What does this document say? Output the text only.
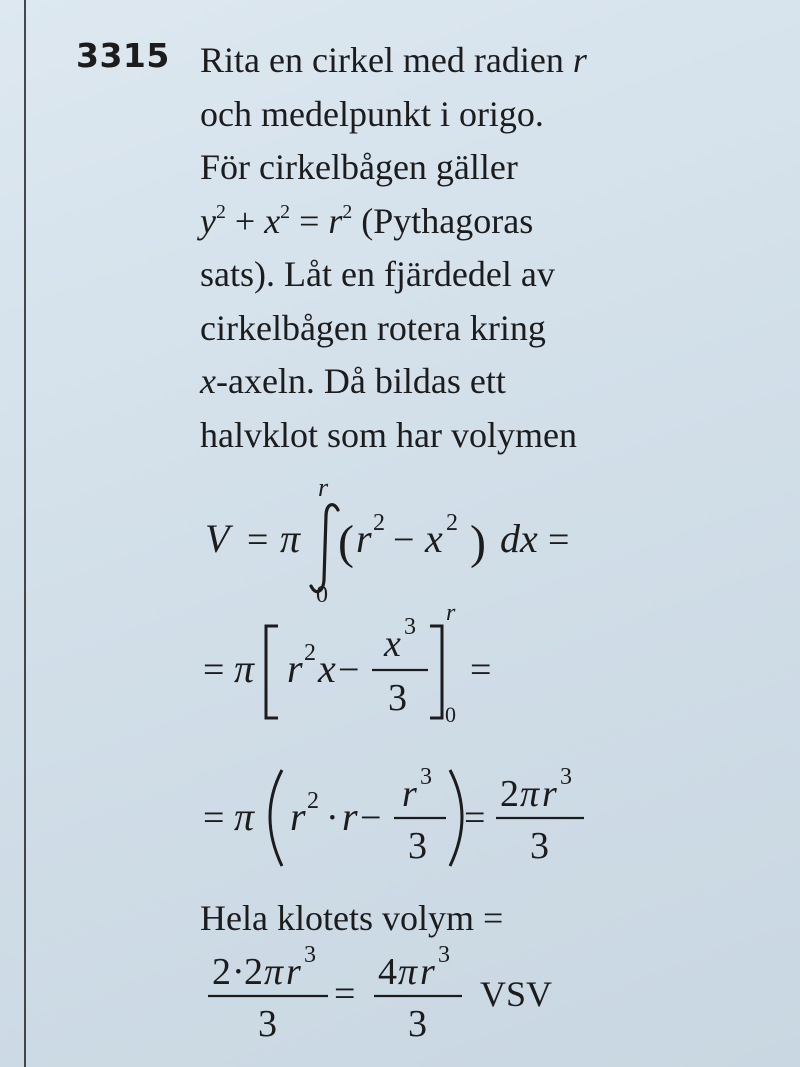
3315 Rita en cirkel med radien r
och medelpunkt i origo.
För cirkelbågen gäller
$y^2 + x^2 = r^2$ (Pythagoras
sats). Låt en fjärdedel av
cirkelbågen rotera kring
x-axeln. Då bildas ett
halvklot som har volymen
V = π
r
0
( r 2 − x 2 ) dx =
= π r 2 x −
x 3
3
r
0
=
= π r 2 · r −
r 3
3
=
2 π r 3
3
Hela klotets volym =
2 · 2 π r 3
3
=
4 π r 3
3
VSV
